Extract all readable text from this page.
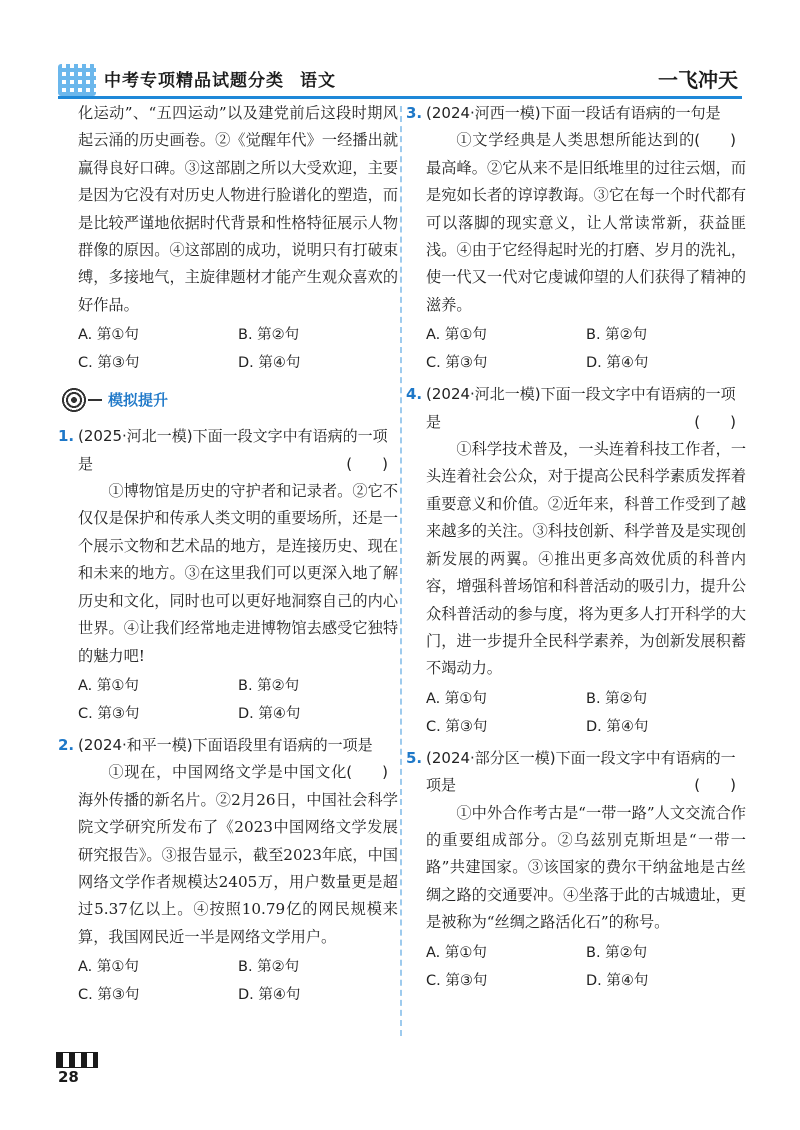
中考专项精品试题分类 语文	一飞冲天

化运动”、“五四运动”以及建党前后这段时期风起云涌的历史画卷。②《觉醒年代》一经播出就赢得良好口碑。③这部剧之所以大受欢迎，主要是因为它没有对历史人物进行脸谱化的塑造，而是比较严谨地依据时代背景和性格特征展示人物群像的原因。④这部剧的成功，说明只有打破束缚，多接地气，主旋律题材才能产生观众喜欢的好作品。

A. 第①句	B. 第②句
C. 第③句	D. 第④句
模拟提升

1. (2025·河北一模)下面一段文字中有语病的一项是	(　　)

①博物馆是历史的守护者和记录者。②它不仅仅是保护和传承人类文明的重要场所，还是一个展示文物和艺术品的地方，是连接历史、现在和未来的地方。③在这里我们可以更深入地了解历史和文化，同时也可以更好地洞察自己的内心世界。④让我们经常地走进博物馆去感受它独特的魅力吧!

A. 第①句	B. 第②句
C. 第③句	D. 第④句

2. (2024·和平一模)下面语段里有语病的一项是
(　　)

①现在，中国网络文学是中国文化海外传播的新名片。②2月26日，中国社会科学院文学研究所发布了《2023中国网络文学发展研究报告》。③报告显示，截至2023年底，中国网络文学作者规模达2405万，用户数量更是超过5.37亿以上。④按照10.79亿的网民规模来算，我国网民近一半是网络文学用户。

A. 第①句	B. 第②句
C. 第③句	D. 第④句

3. (2024·河西一模)下面一段话有语病的一句是
(　　)

①文学经典是人类思想所能达到的最高峰。②它从来不是旧纸堆里的过往云烟，而是宛如长者的谆谆教诲。③它在每一个时代都有可以落脚的现实意义，让人常读常新，获益匪浅。④由于它经得起时光的打磨、岁月的洗礼，使一代又一代对它虔诚仰望的人们获得了精神的滋养。

A. 第①句	B. 第②句
C. 第③句	D. 第④句

4. (2024·河北一模)下面一段文字中有语病的一项是	(　　)

①科学技术普及，一头连着科技工作者，一头连着社会公众，对于提高公民科学素质发挥着重要意义和价值。②近年来，科普工作受到了越来越多的关注。③科技创新、科学普及是实现创新发展的两翼。④推出更多高效优质的科普内容，增强科普场馆和科普活动的吸引力，提升公众科普活动的参与度，将为更多人打开科学的大门，进一步提升全民科学素养，为创新发展积蓄不竭动力。

A. 第①句	B. 第②句
C. 第③句	D. 第④句

5. (2024·部分区一模)下面一段文字中有语病的一项是	(　　)

①中外合作考古是“一带一路”人文交流合作的重要组成部分。②乌兹别克斯坦是“一带一路”共建国家。③该国家的费尔干纳盆地是古丝绸之路的交通要冲。④坐落于此的古城遗址，更是被称为“丝绸之路活化石”的称号。

A. 第①句	B. 第②句
C. 第③句	D. 第④句
28
